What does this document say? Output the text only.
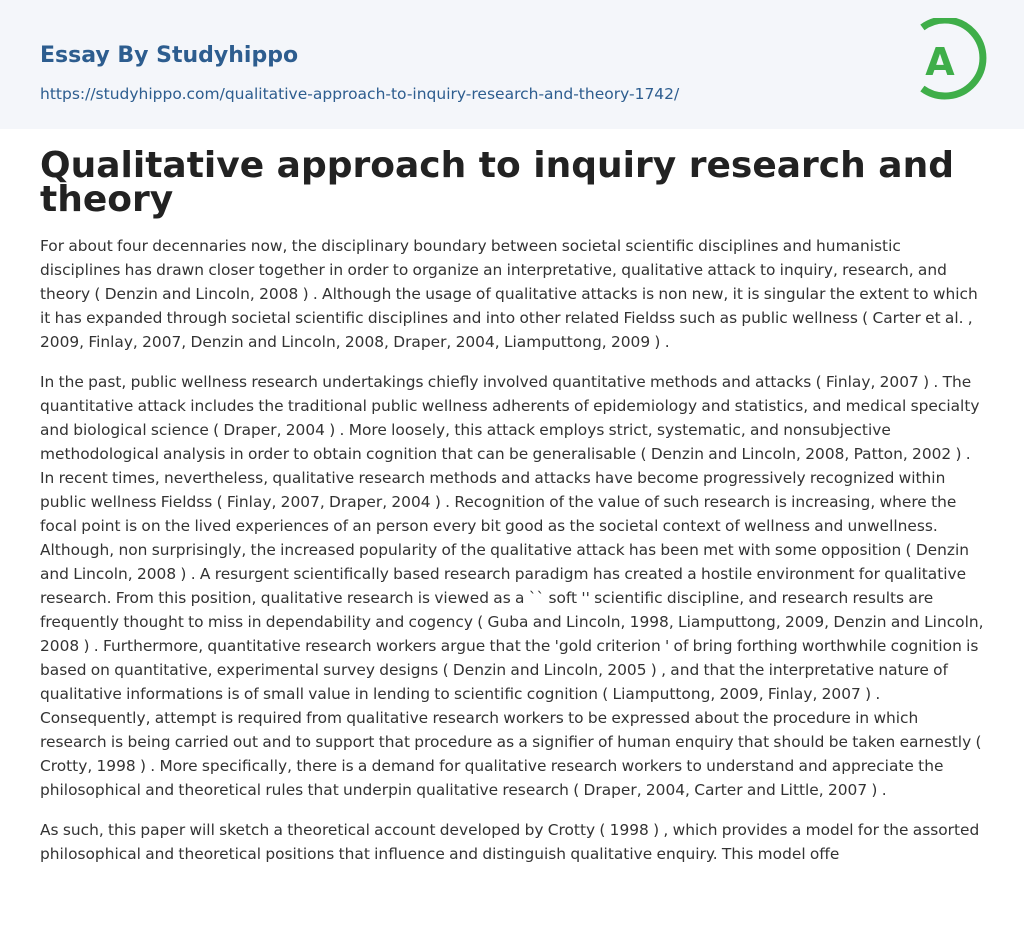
Essay By Studyhippo
https://studyhippo.com/qualitative-approach-to-inquiry-research-and-theory-1742/
A
Qualitative approach to inquiry research and theory

For about four decennaries now, the disciplinary boundary between societal scientific disciplines and humanistic disciplines has drawn closer together in order to organize an interpretative, qualitative attack to inquiry, research, and theory ( Denzin and Lincoln, 2008 ) . Although the usage of qualitative attacks is non new, it is singular the extent to which it has expanded through societal scientific disciplines and into other related Fieldss such as public wellness ( Carter et al. , 2009, Finlay, 2007, Denzin and Lincoln, 2008, Draper, 2004, Liamputtong, 2009 ) .

In the past, public wellness research undertakings chiefly involved quantitative methods and attacks ( Finlay, 2007 ) . The quantitative attack includes the traditional public wellness adherents of epidemiology and statistics, and medical specialty and biological science ( Draper, 2004 ) . More loosely, this attack employs strict, systematic, and nonsubjective methodological analysis in order to obtain cognition that can be generalisable ( Denzin and Lincoln, 2008, Patton, 2002 ) . In recent times, nevertheless, qualitative research methods and attacks have become progressively recognized within public wellness Fieldss ( Finlay, 2007, Draper, 2004 ) . Recognition of the value of such research is increasing, where the focal point is on the lived experiences of an person every bit good as the societal context of wellness and unwellness. Although, non surprisingly, the increased popularity of the qualitative attack has been met with some opposition ( Denzin and Lincoln, 2008 ) . A resurgent scientifically based research paradigm has created a hostile environment for qualitative research. From this position, qualitative research is viewed as a `` soft '' scientific discipline, and research results are frequently thought to miss in dependability and cogency ( Guba and Lincoln, 1998, Liamputtong, 2009, Denzin and Lincoln, 2008 ) . Furthermore, quantitative research workers argue that the 'gold criterion ' of bring forthing worthwhile cognition is based on quantitative, experimental survey designs ( Denzin and Lincoln, 2005 ) , and that the interpretative nature of qualitative informations is of small value in lending to scientific cognition ( Liamputtong, 2009, Finlay, 2007 ) . Consequently, attempt is required from qualitative research workers to be expressed about the procedure in which research is being carried out and to support that procedure as a signifier of human enquiry that should be taken earnestly ( Crotty, 1998 ) . More specifically, there is a demand for qualitative research workers to understand and appreciate the philosophical and theoretical rules that underpin qualitative research ( Draper, 2004, Carter and Little, 2007 ) .

As such, this paper will sketch a theoretical account developed by Crotty ( 1998 ) , which provides a model for the assorted philosophical and theoretical positions that influence and distinguish qualitative enquiry. This model offe
